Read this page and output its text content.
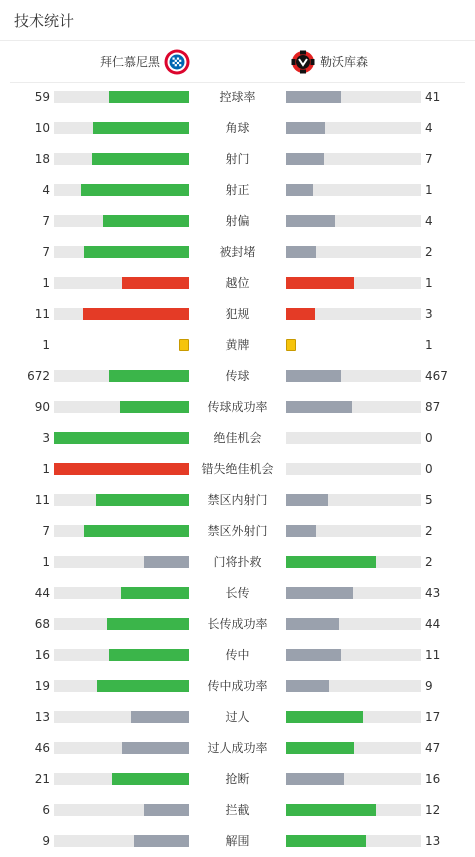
技术统计
拜仁慕尼黑	勒沃库森
59	控球率	41
10	角球	4
18	射门	7
4	射正	1
7	射偏	4
7	被封堵	2
1	越位	1
11	犯规	3
1	黄牌	1
672	传球	467
90	传球成功率	87
3	绝佳机会	0
1	错失绝佳机会	0
11	禁区内射门	5
7	禁区外射门	2
1	门将扑救	2
44	长传	43
68	长传成功率	44
16	传中	11
19	传中成功率	9
13	过人	17
46	过人成功率	47
21	抢断	16
6	拦截	12
9	解围	13
